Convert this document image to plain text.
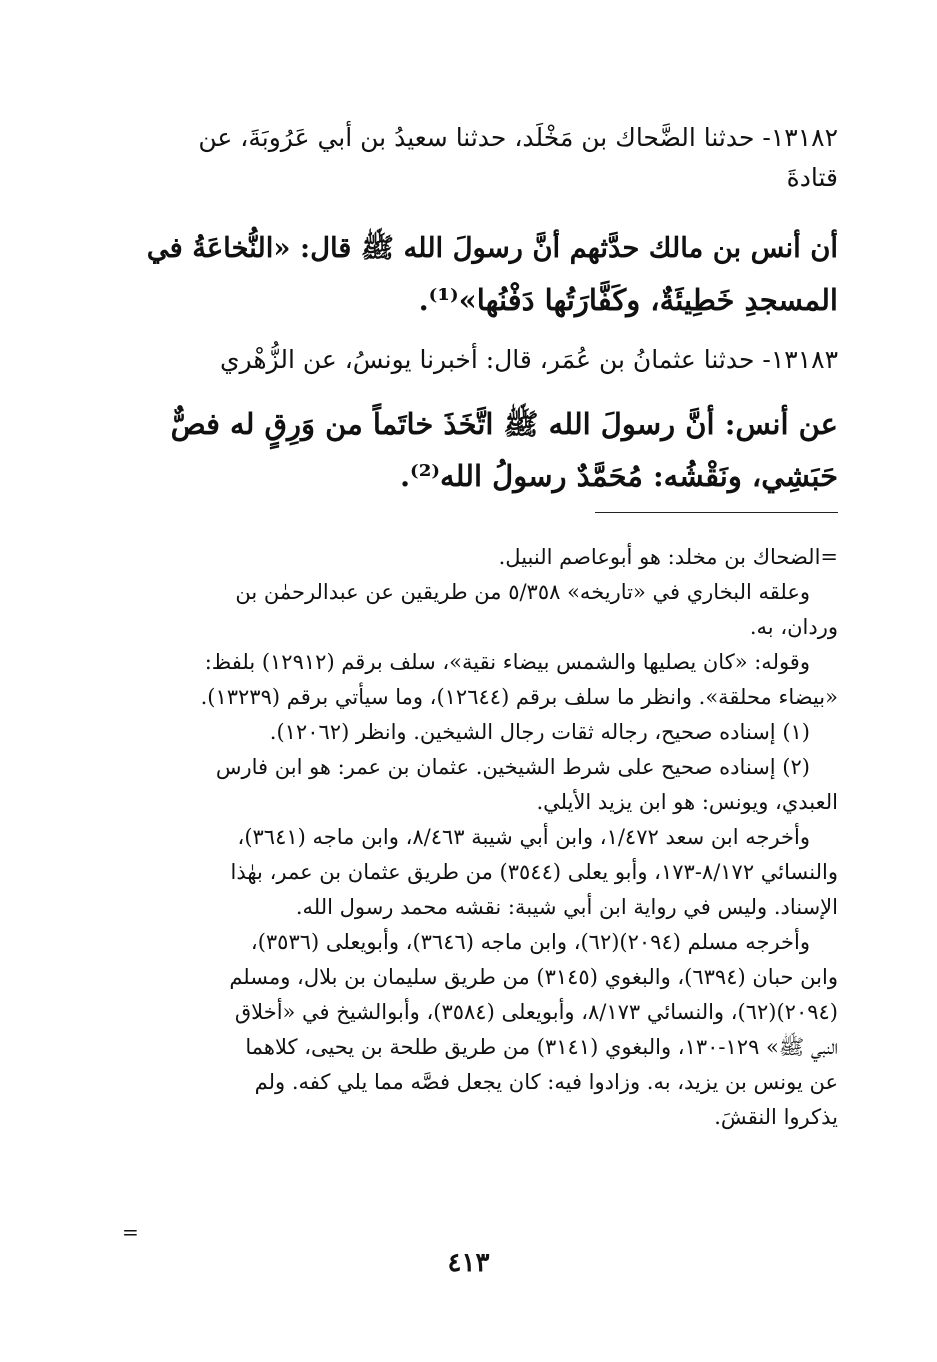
١٣١٨٢- حدثنا الضَّحاك بن مَخْلَد، حدثنا سعيدُ بن أبي عَرُوبَةَ، عن
قتادةَ
أن أنس بن مالك حدَّثهم أنَّ رسولَ الله ﷺ قال: «النُّخاعَةُ في
المسجدِ خَطِيئَةٌ، وكَفَّارَتُها دَفْنُها»⁽¹⁾.
١٣١٨٣- حدثنا عثمانُ بن عُمَر، قال: أخبرنا يونسُ، عن الزُّهْري
عن أنس: أنَّ رسولَ الله ﷺ اتَّخَذَ خاتَماً من وَرِقٍ له فصٌّ
حَبَشِي، ونَقْشُه: مُحَمَّدٌ رسولُ الله⁽²⁾.
=الضحاك بن مخلد: هو أبوعاصم النبيل.
وعلقه البخاري في «تاريخه» ٥/٣٥٨ من طريقين عن عبدالرحمٰن بن
وردان، به.
وقوله: «كان يصليها والشمس بيضاء نقية»، سلف برقم (١٢٩١٢) بلفظ:
«بيضاء محلقة». وانظر ما سلف برقم (١٢٦٤٤)، وما سيأتي برقم (١٣٢٣٩).
(١) إسناده صحيح، رجاله ثقات رجال الشيخين. وانظر (١٢٠٦٢).
(٢) إسناده صحيح على شرط الشيخين. عثمان بن عمر: هو ابن فارس
العبدي، ويونس: هو ابن يزيد الأيلي.
وأخرجه ابن سعد ١/٤٧٢، وابن أبي شيبة ٨/٤٦٣، وابن ماجه (٣٦٤١)،
والنسائي ٨/١٧٢-١٧٣، وأبو يعلى (٣٥٤٤) من طريق عثمان بن عمر، بهٰذا
الإسناد. وليس في رواية ابن أبي شيبة: نقشه محمد رسول الله.
وأخرجه مسلم (٢٠٩٤)(٦٢)، وابن ماجه (٣٦٤٦)، وأبويعلى (٣٥٣٦)،
وابن حبان (٦٣٩٤)، والبغوي (٣١٤٥) من طريق سليمان بن بلال، ومسلم
(٢٠٩٤)(٦٢)، والنسائي ٨/١٧٣، وأبويعلى (٣٥٨٤)، وأبوالشيخ في «أخلاق
النبي ﷺ» ١٢٩-١٣٠، والبغوي (٣١٤١) من طريق طلحة بن يحيى، كلاهما
عن يونس بن يزيد، به. وزادوا فيه: كان يجعل فصَّه مما يلي كفه. ولم
يذكروا النقشَ.
=
٤١٣
